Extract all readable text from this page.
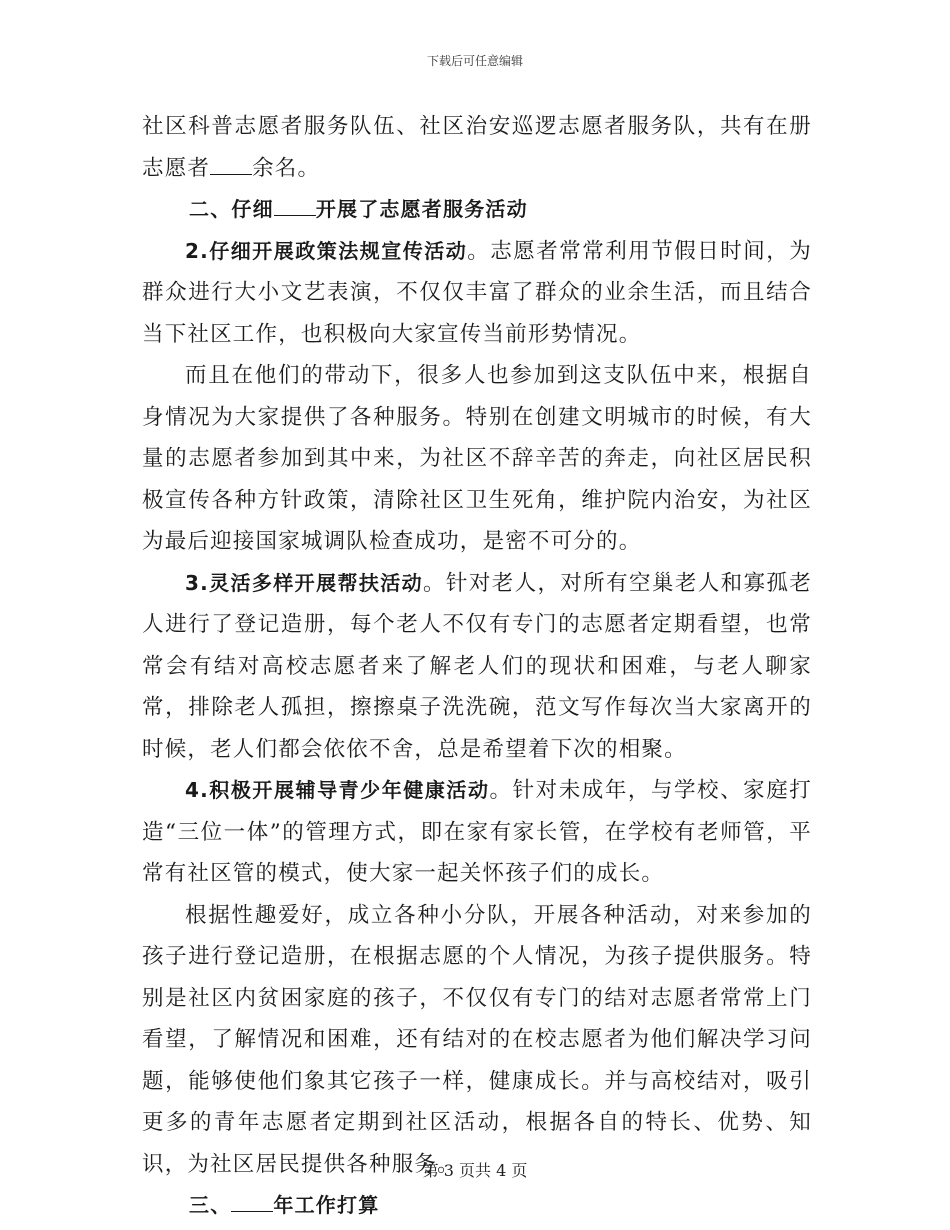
下载后可任意编辑

社区科普志愿者服务队伍、社区治安巡逻志愿者服务队，共有在册志愿者 余名。

二、仔细 开展了志愿者服务活动

2.仔细开展政策法规宣传活动。志愿者常常利用节假日时间，为群众进行大小文艺表演，不仅仅丰富了群众的业余生活，而且结合当下社区工作，也积极向大家宣传当前形势情况。

而且在他们的带动下，很多人也参加到这支队伍中来，根据自身情况为大家提供了各种服务。特别在创建文明城市的时候，有大量的志愿者参加到其中来，为社区不辞辛苦的奔走，向社区居民积极宣传各种方针政策，清除社区卫生死角，维护院内治安，为社区为最后迎接国家城调队检查成功，是密不可分的。

3.灵活多样开展帮扶活动。针对老人，对所有空巢老人和寡孤老人进行了登记造册，每个老人不仅有专门的志愿者定期看望，也常常会有结对高校志愿者来了解老人们的现状和困难，与老人聊家常，排除老人孤担，擦擦桌子洗洗碗，范文写作每次当大家离开的时候，老人们都会依依不舍，总是希望着下次的相聚。

4.积极开展辅导青少年健康活动。针对未成年，与学校、家庭打造“三位一体”的管理方式，即在家有家长管，在学校有老师管，平常有社区管的模式，使大家一起关怀孩子们的成长。

根据性趣爱好，成立各种小分队，开展各种活动，对来参加的孩子进行登记造册，在根据志愿的个人情况，为孩子提供服务。特别是社区内贫困家庭的孩子，不仅仅有专门的结对志愿者常常上门看望，了解情况和困难，还有结对的在校志愿者为他们解决学习问题，能够使他们象其它孩子一样，健康成长。并与高校结对，吸引更多的青年志愿者定期到社区活动，根据各自的特长、优势、知识，为社区居民提供各种服务。

三、 年工作打算

第 3 页共 4 页
